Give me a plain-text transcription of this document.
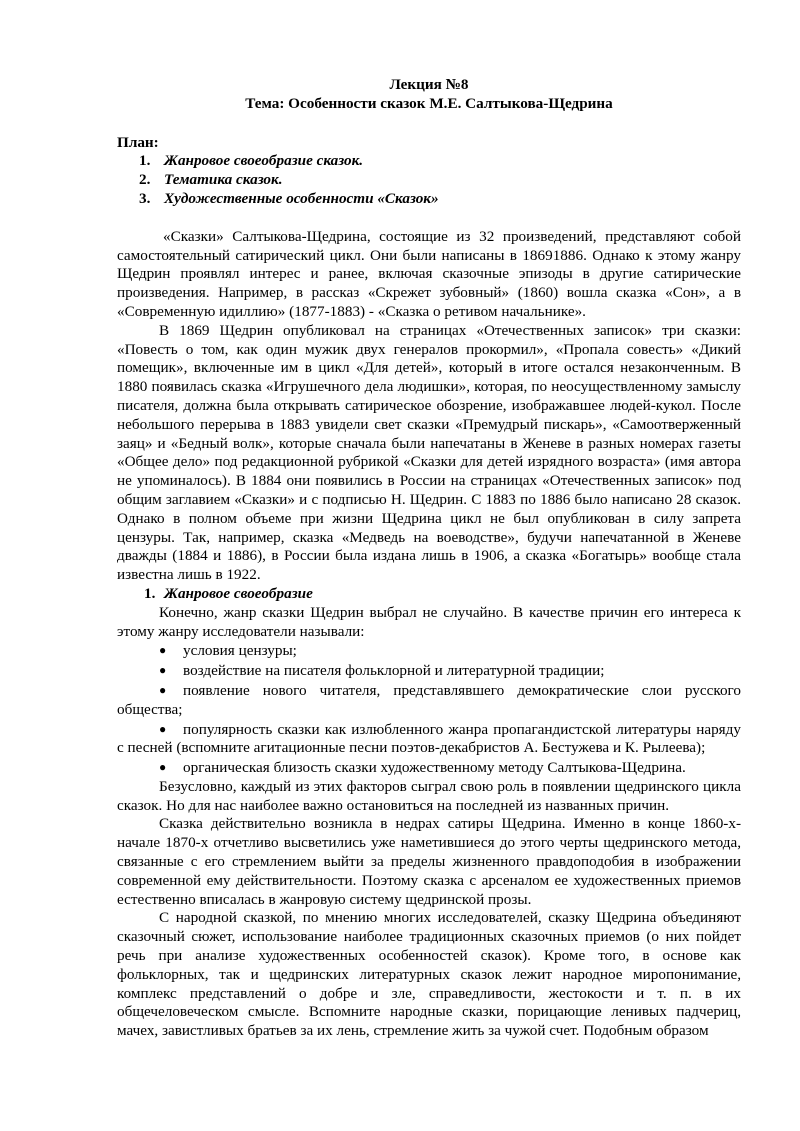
Лекция №8
Тема: Особенности сказок М.Е. Салтыкова-Щедрина
План:
1. Жанровое своеобразие сказок.
2. Тематика сказок.
3. Художественные особенности «Сказок»

«Сказки» Салтыкова-Щедрина, состоящие из 32 произведений, представляют собой самостоятельный сатирический цикл. Они были написаны в 18691886. Однако к этому жанру Щедрин проявлял интерес и ранее, включая сказочные эпизоды в другие сатирические произведения. Например, в рассказ «Скрежет зубовный» (1860) вошла сказка «Сон», а в «Современную идиллию» (1877-1883) - «Сказка о ретивом начальнике».

В 1869 Щедрин опубликовал на страницах «Отечественных записок» три сказки: «Повесть о том, как один мужик двух генералов прокормил», «Пропала совесть» «Дикий помещик», включенные им в цикл «Для детей», который в итоге остался незаконченным. В 1880 появилась сказка «Игрушечного дела людишки», которая, по неосуществленному замыслу писателя, должна была открывать сатирическое обозрение, изображавшее людей-кукол. После небольшого перерыва в 1883 увидели свет сказки «Премудрый пискарь», «Самоотверженный заяц» и «Бедный волк», которые сначала были напечатаны в Женеве в разных номерах газеты «Общее дело» под редакционной рубрикой «Сказки для детей изрядного возраста» (имя автора не упоминалось). В 1884 они появились в России на страницах «Отечественных записок» под общим заглавием «Сказки» и с подписью Н. Щедрин. С 1883 по 1886 было написано 28 сказок. Однако в полном объеме при жизни Щедрина цикл не был опубликован в силу запрета цензуры. Так, например, сказка «Медведь на воеводстве», будучи напечатанной в Женеве дважды (1884 и 1886), в России была издана лишь в 1906, а сказка «Богатырь» вообще стала известна лишь в 1922.

1. Жанровое своеобразие

Конечно, жанр сказки Щедрин выбрал не случайно. В качестве причин его интереса к этому жанру исследователи называли:

● условия цензуры;
● воздействие на писателя фольклорной и литературной традиции;
● появление нового читателя, представлявшего демократические слои русского общества;
● популярность сказки как излюбленного жанра пропагандистской литературы наряду с песней (вспомните агитационные песни поэтов-декабристов А. Бестужева и К. Рылеева);
● органическая близость сказки художественному методу Салтыкова-Щедрина.

Безусловно, каждый из этих факторов сыграл свою роль в появлении щедринского цикла сказок. Но для нас наиболее важно остановиться на последней из названных причин.

Сказка действительно возникла в недрах сатиры Щедрина. Именно в конце 1860-х-начале 1870-х отчетливо высветились уже наметившиеся до этого черты щедринского метода, связанные с его стремлением выйти за пределы жизненного правдоподобия в изображении современной ему действительности. Поэтому сказка с арсеналом ее художественных приемов естественно вписалась в жанровую систему щедринской прозы.

С народной сказкой, по мнению многих исследователей, сказку Щедрина объединяют сказочный сюжет, использование наиболее традиционных сказочных приемов (о них пойдет речь при анализе художественных особенностей сказок). Кроме того, в основе как фольклорных, так и щедринских литературных сказок лежит народное миропонимание, комплекс представлений о добре и зле, справедливости, жестокости и т. п. в их общечеловеческом смысле. Вспомните народные сказки, порицающие ленивых падчериц, мачех, завистливых братьев за их лень, стремление жить за чужой счет. Подобным образом
